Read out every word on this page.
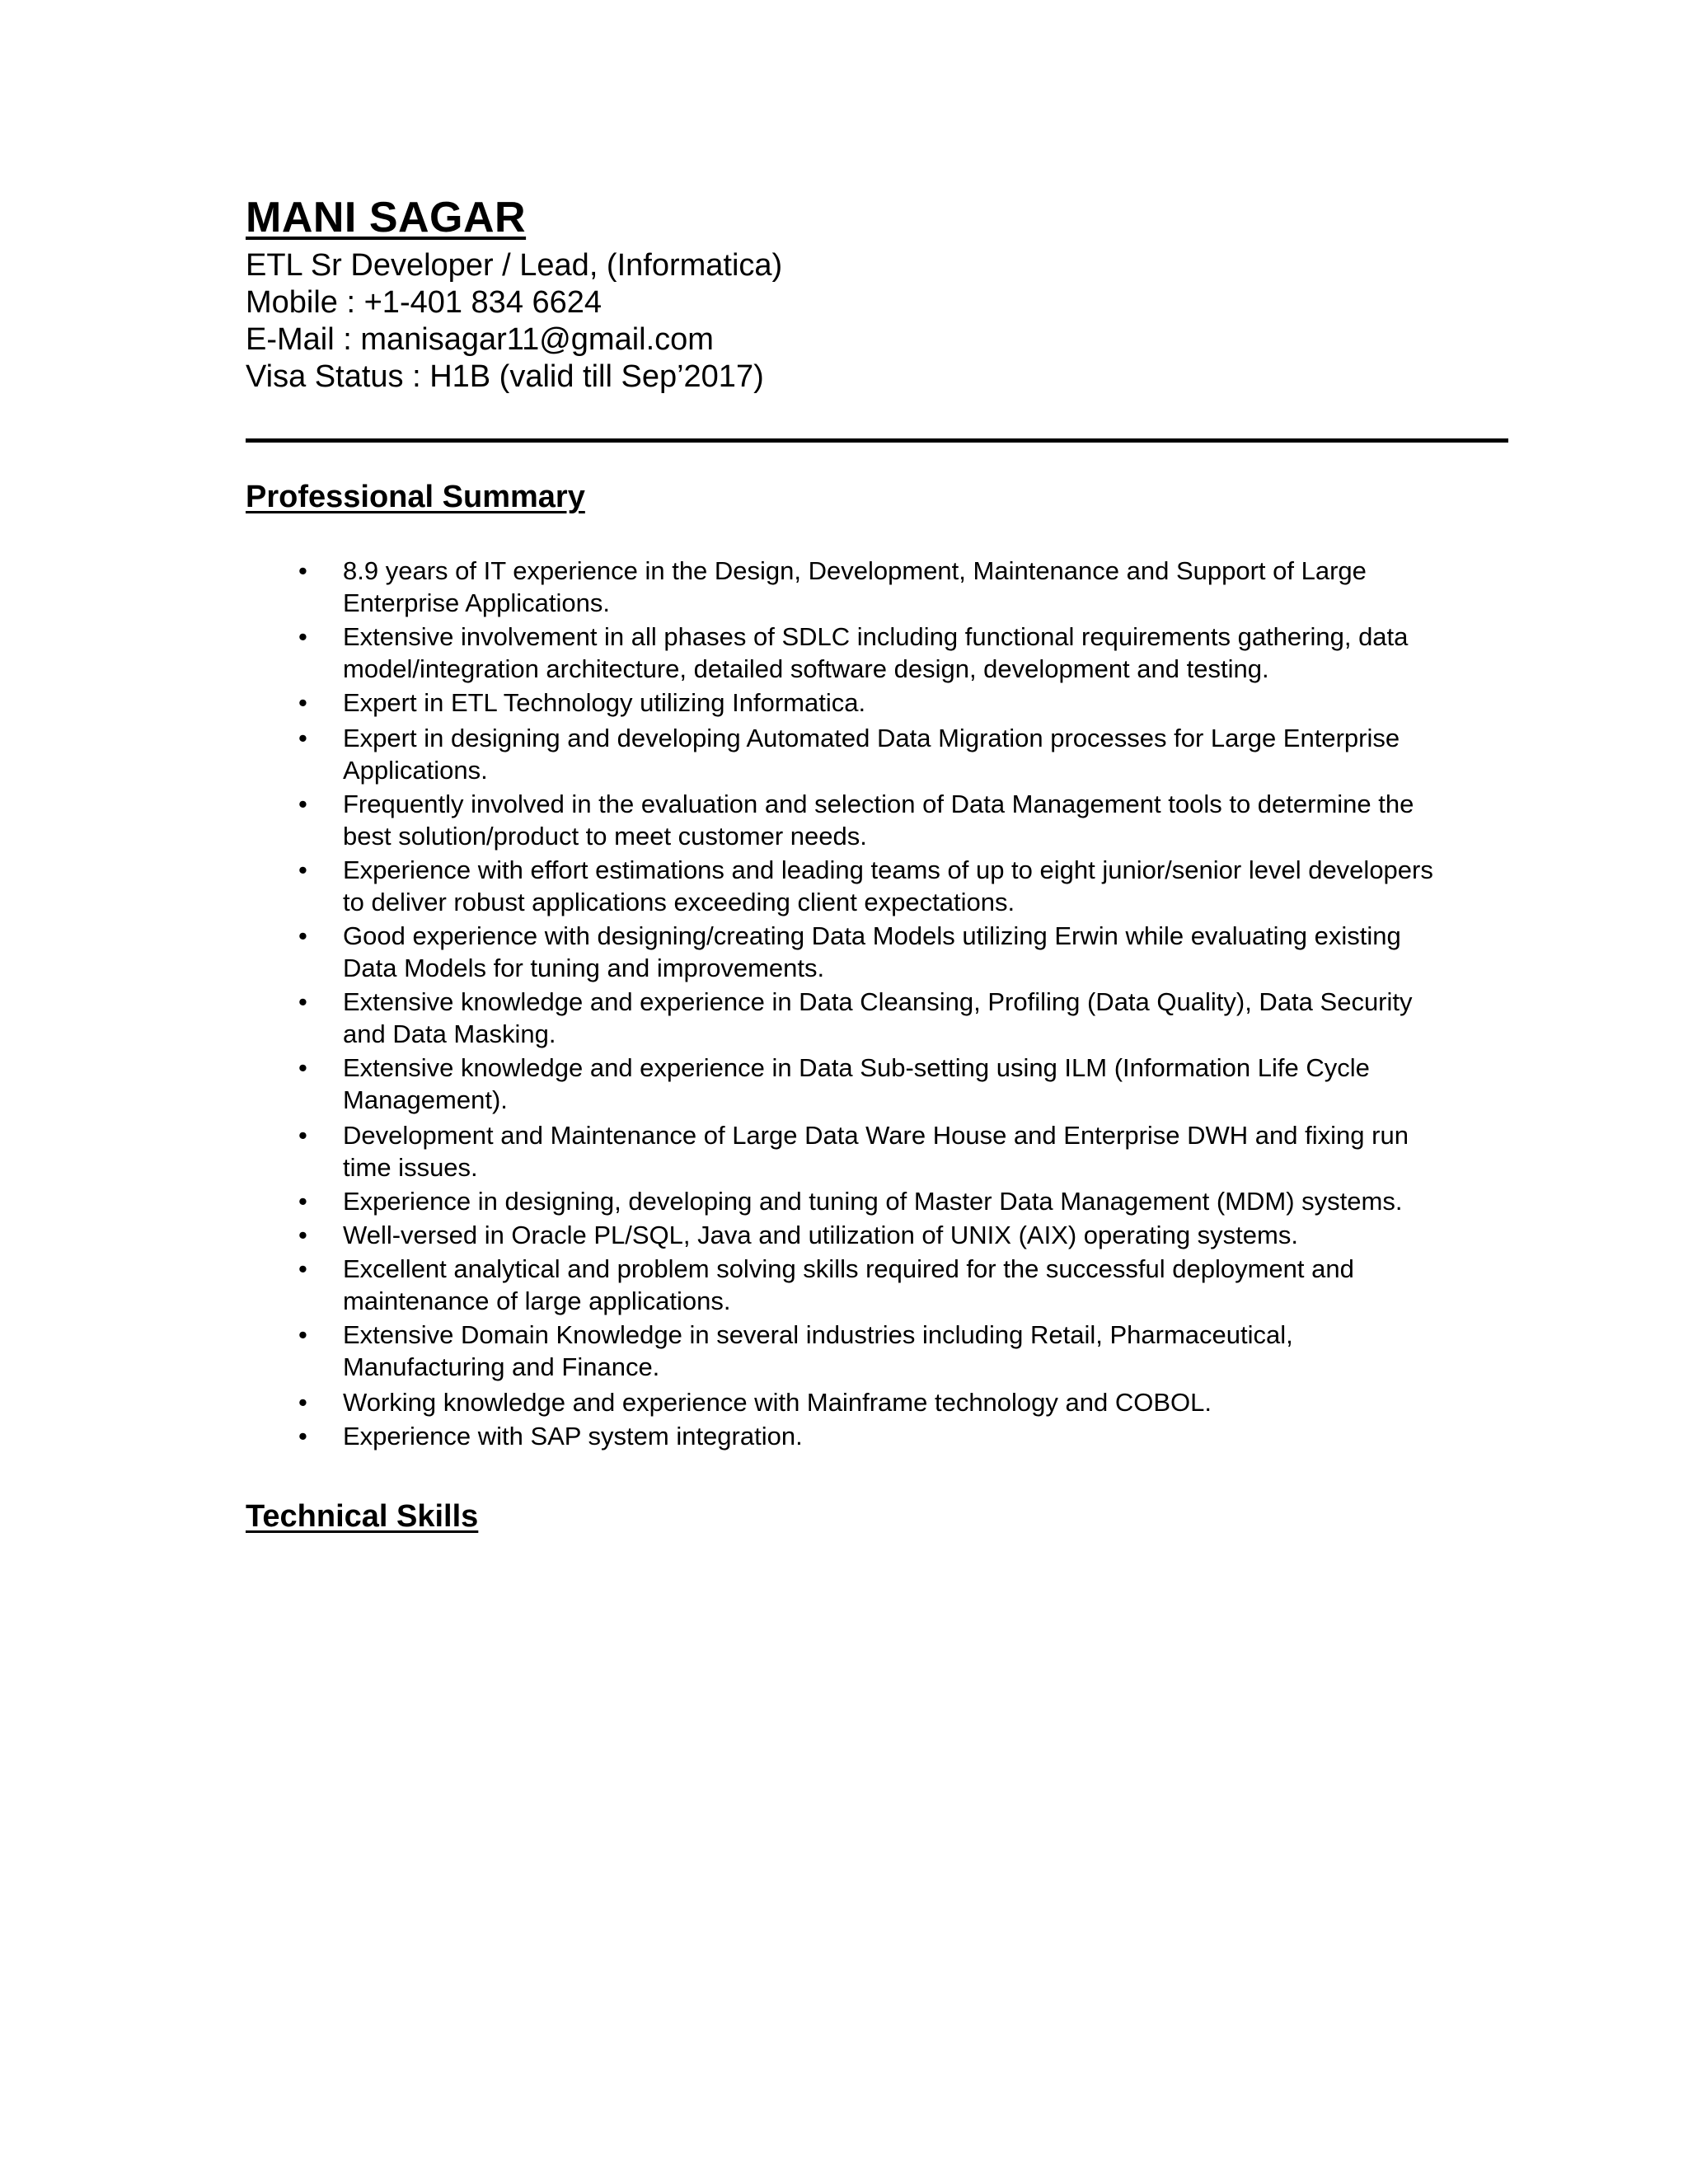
MANI SAGAR

ETL Sr Developer / Lead, (Informatica)

Mobile : +1-401 834 6624

E-Mail : manisagar11@gmail.com

Visa Status : H1B (valid till Sep’2017)

Professional Summary
• 8.9 years of IT experience in the Design, Development, Maintenance and Support of Large Enterprise Applications.
• Extensive involvement in all phases of SDLC including functional requirements gathering, data model/integration architecture, detailed software design, development and testing.
• Expert in ETL Technology utilizing Informatica.
• Expert in designing and developing Automated Data Migration processes for Large Enterprise Applications.
• Frequently involved in the evaluation and selection of Data Management tools to determine the best solution/product to meet customer needs.
• Experience with effort estimations and leading teams of up to eight junior/senior level developers to deliver robust applications exceeding client expectations.
• Good experience with designing/creating Data Models utilizing Erwin while evaluating existing Data Models for tuning and improvements.
• Extensive knowledge and experience in Data Cleansing, Profiling (Data Quality), Data Security and Data Masking.
• Extensive knowledge and experience in Data Sub-setting using ILM (Information Life Cycle Management).
• Development and Maintenance of Large Data Ware House and Enterprise DWH and fixing run time issues.
• Experience in designing, developing and tuning of Master Data Management (MDM) systems.
• Well-versed in Oracle PL/SQL, Java and utilization of UNIX (AIX) operating systems.
• Excellent analytical and problem solving skills required for the successful deployment and maintenance of large applications.
• Extensive Domain Knowledge in several industries including Retail, Pharmaceutical, Manufacturing and Finance.
• Working knowledge and experience with Mainframe technology and COBOL.
• Experience with SAP system integration.
Technical Skills
